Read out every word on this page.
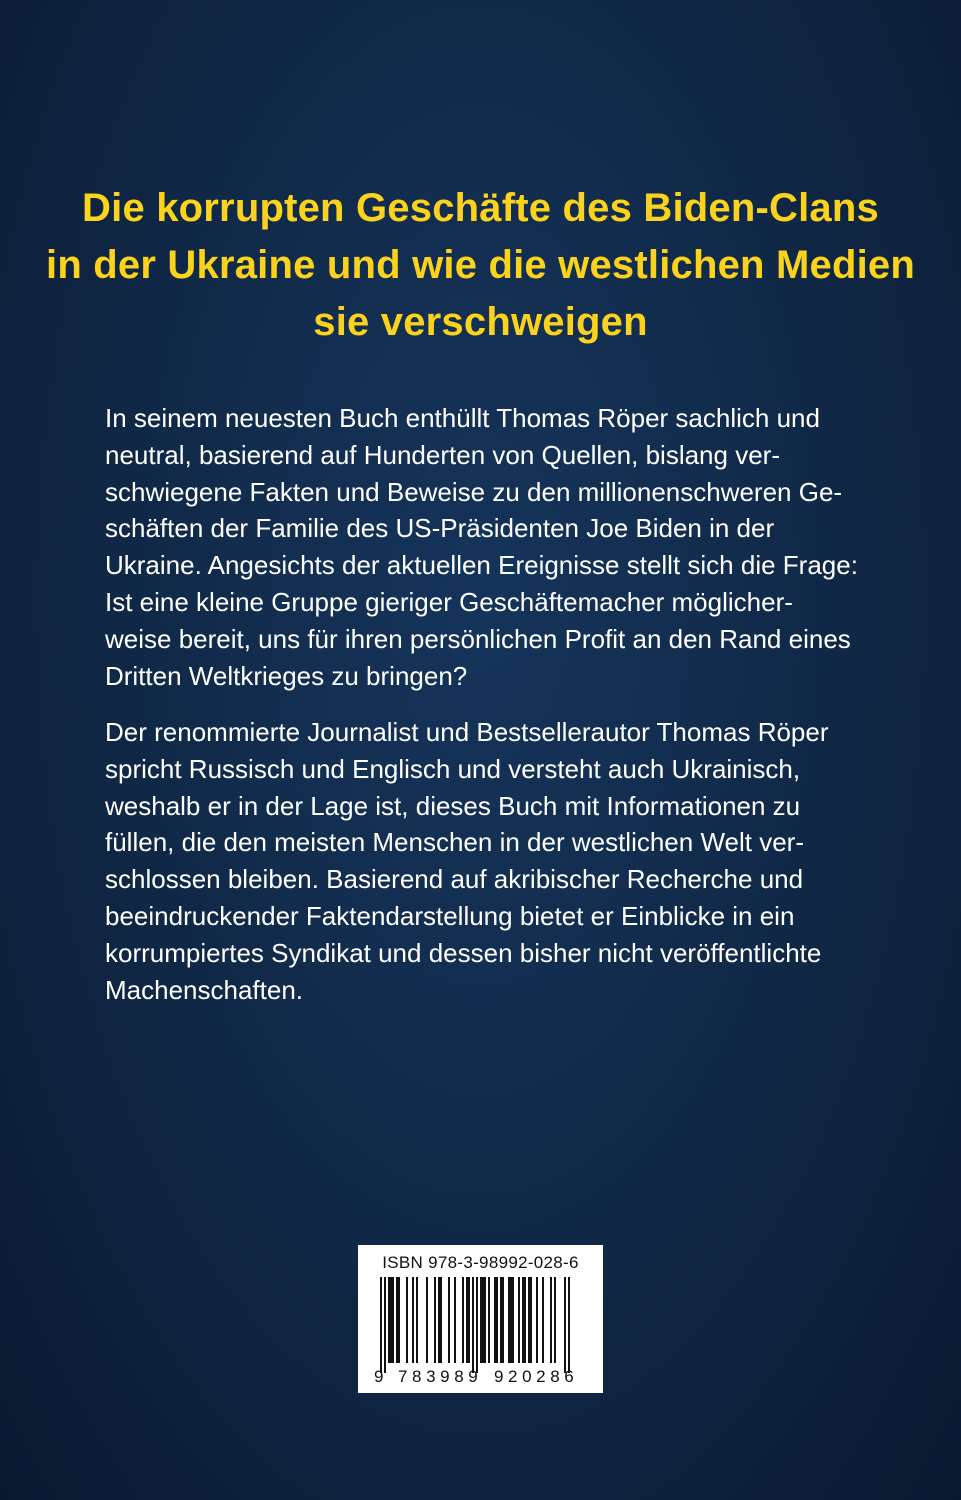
Die korrupten Geschäfte des Biden-Clans
in der Ukraine und wie die westlichen Medien
sie verschweigen
In seinem neuesten Buch enthüllt Thomas Röper sachlich und
neutral, basierend auf Hunderten von Quellen, bislang ver-
schwiegene Fakten und Beweise zu den millionenschweren Ge-
schäften der Familie des US-Präsidenten Joe Biden in der
Ukraine. Angesichts der aktuellen Ereignisse stellt sich die Frage:
Ist eine kleine Gruppe gieriger Geschäftemacher möglicher-
weise bereit, uns für ihren persönlichen Profit an den Rand eines
Dritten Weltkrieges zu bringen?
Der renommierte Journalist und Bestsellerautor Thomas Röper
spricht Russisch und Englisch und versteht auch Ukrainisch,
weshalb er in der Lage ist, dieses Buch mit Informationen zu
füllen, die den meisten Menschen in der westlichen Welt ver-
schlossen bleiben. Basierend auf akribischer Recherche und
beeindruckender Faktendarstellung bietet er Einblicke in ein
korrumpiertes Syndikat und dessen bisher nicht veröffentlichte
Machenschaften.
ISBN 978-3-98992-028-6
9 783989 920286
